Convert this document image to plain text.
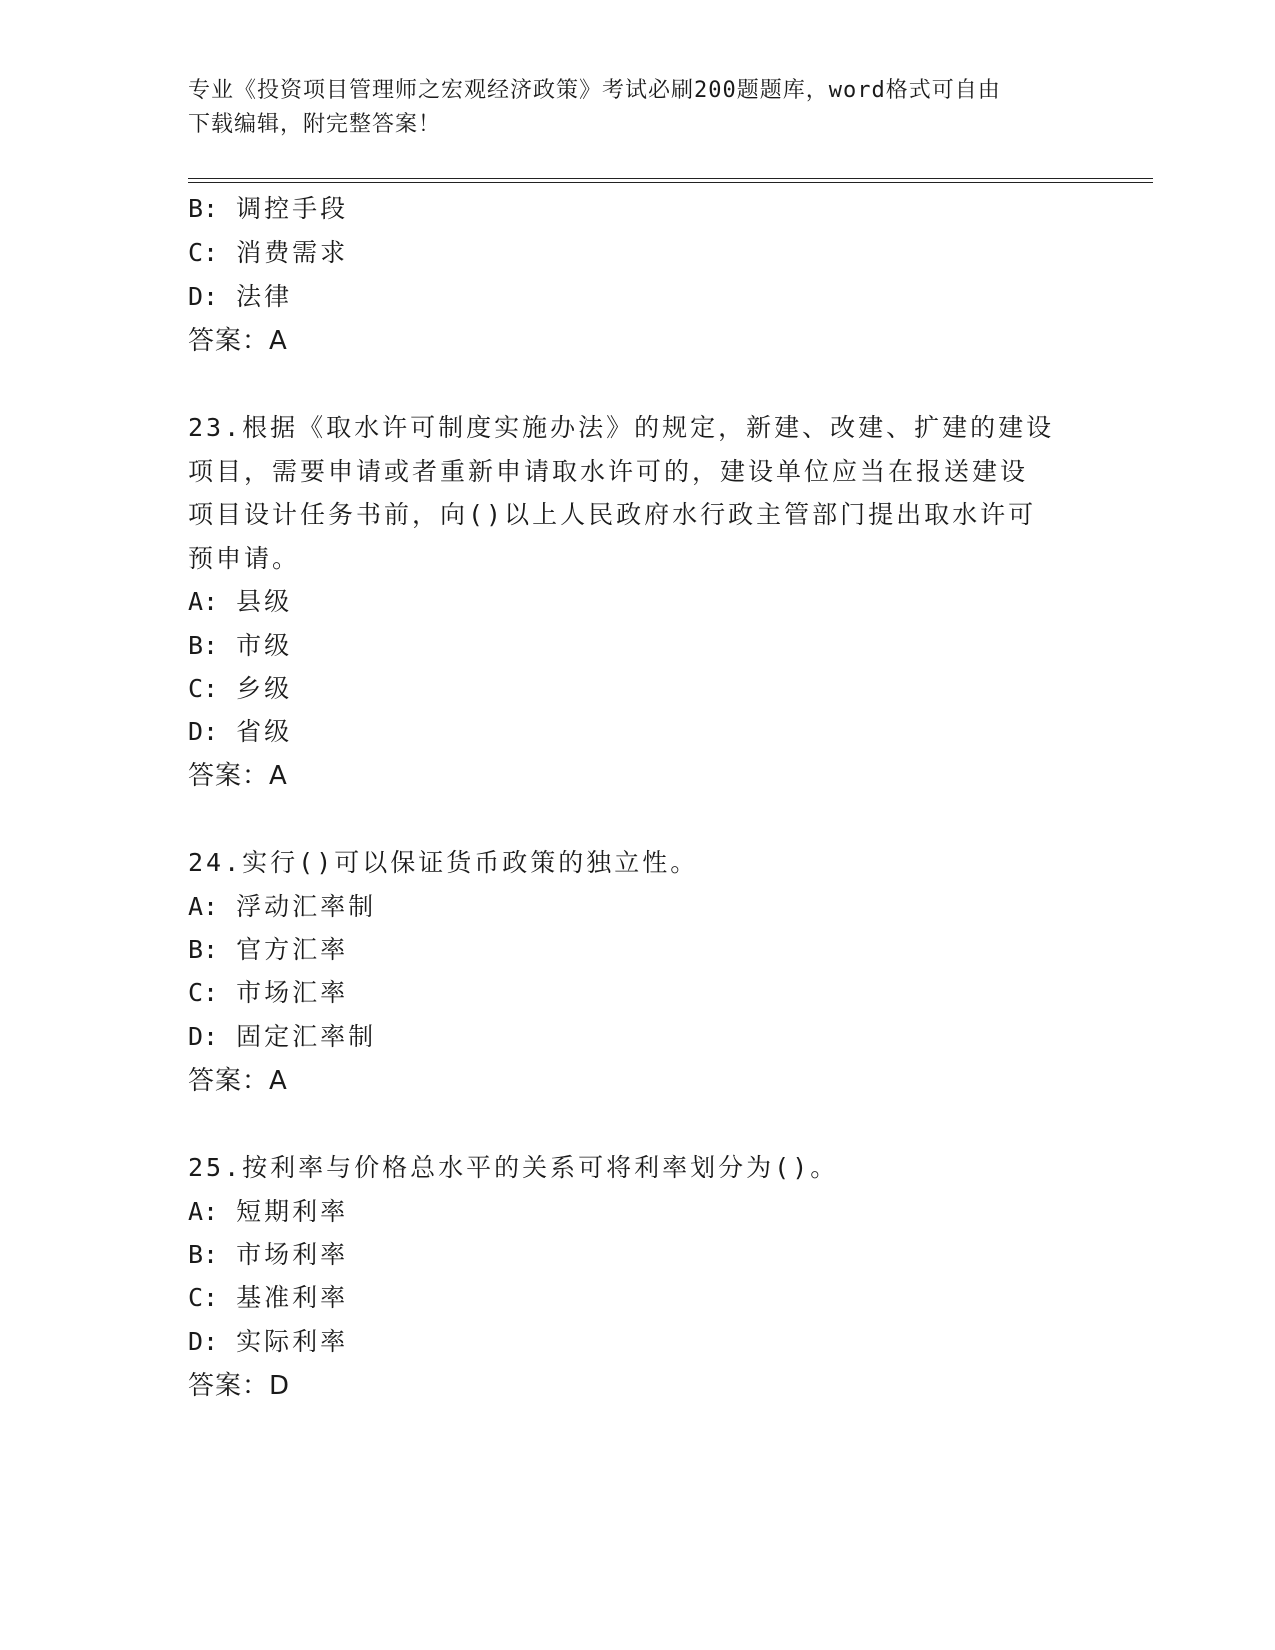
专业《投资项目管理师之宏观经济政策》考试必刷200题题库，word格式可自由
下载编辑，附完整答案！
B: 调控手段
C: 消费需求
D: 法律
答案：A
23.根据《取水许可制度实施办法》的规定，新建、改建、扩建的建设
项目，需要申请或者重新申请取水许可的，建设单位应当在报送建设
项目设计任务书前，向()以上人民政府水行政主管部门提出取水许可
预申请。
A: 县级
B: 市级
C: 乡级
D: 省级
答案：A
24.实行()可以保证货币政策的独立性。
A: 浮动汇率制
B: 官方汇率
C: 市场汇率
D: 固定汇率制
答案：A
25.按利率与价格总水平的关系可将利率划分为()。
A: 短期利率
B: 市场利率
C: 基准利率
D: 实际利率
答案：D
